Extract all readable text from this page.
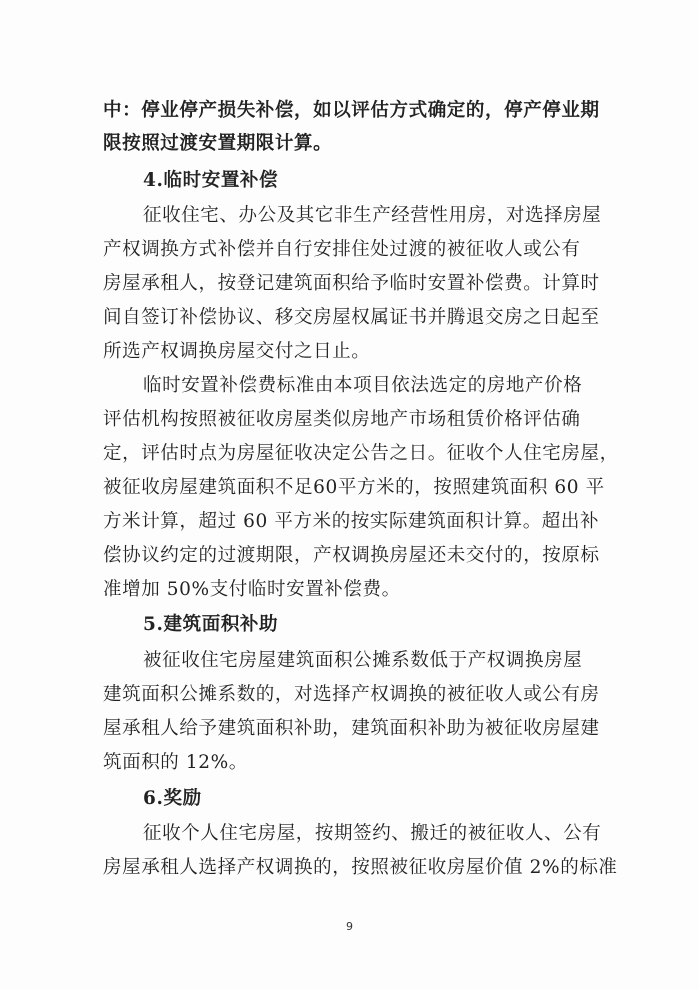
中：停业停产损失补偿，如以评估方式确定的，停产停业期
限按照过渡安置期限计算。
4.临时安置补偿
征收住宅、办公及其它非生产经营性用房，对选择房屋
产权调换方式补偿并自行安排住处过渡的被征收人或公有
房屋承租人，按登记建筑面积给予临时安置补偿费。计算时
间自签订补偿协议、移交房屋权属证书并腾退交房之日起至
所选产权调换房屋交付之日止。
临时安置补偿费标准由本项目依法选定的房地产价格
评估机构按照被征收房屋类似房地产市场租赁价格评估确
定，评估时点为房屋征收决定公告之日。征收个人住宅房屋，
被征收房屋建筑面积不足60平方米的，按照建筑面积 60 平
方米计算，超过 60 平方米的按实际建筑面积计算。超出补
偿协议约定的过渡期限，产权调换房屋还未交付的，按原标
准增加 50%支付临时安置补偿费。
5.建筑面积补助
被征收住宅房屋建筑面积公摊系数低于产权调换房屋
建筑面积公摊系数的，对选择产权调换的被征收人或公有房
屋承租人给予建筑面积补助，建筑面积补助为被征收房屋建
筑面积的 12%。
6.奖励
征收个人住宅房屋，按期签约、搬迁的被征收人、公有
房屋承租人选择产权调换的，按照被征收房屋价值 2%的标准
9
